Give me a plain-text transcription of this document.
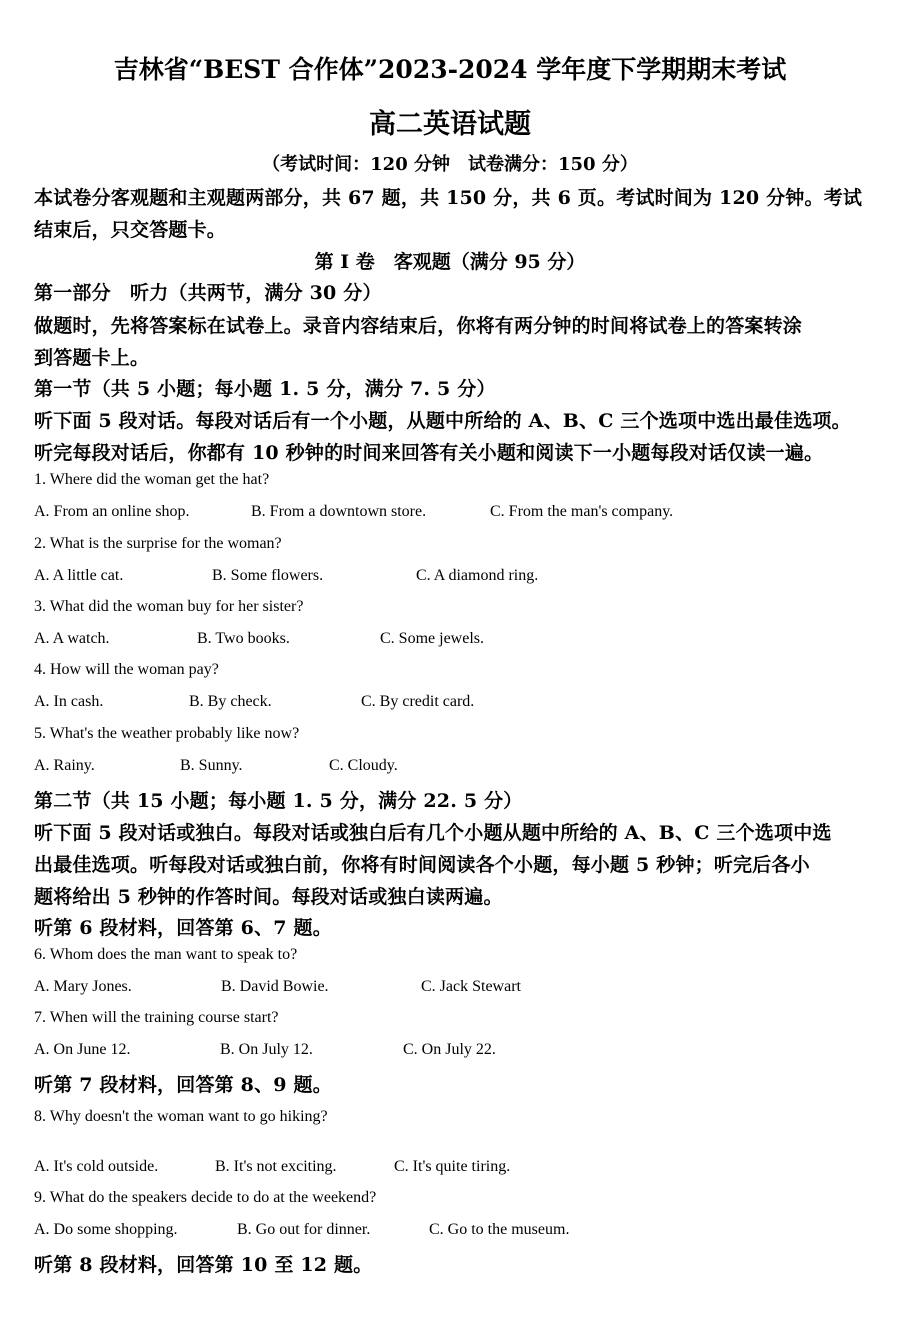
吉林省“BEST 合作体”2023-2024 学年度下学期期末考试
高二英语试题
（考试时间：120 分钟　试卷满分：150 分）
本试卷分客观题和主观题两部分，共 67 题，共 150 分，共 6 页。考试时间为 120 分钟。考试
结束后，只交答题卡。
第 I 卷　客观题（满分 95 分）
第一部分　听力（共两节，满分 30 分）
做题时，先将答案标在试卷上。录音内容结束后，你将有两分钟的时间将试卷上的答案转涂
到答题卡上。
第一节（共 5 小题；每小题 1. 5 分，满分 7. 5 分）
听下面 5 段对话。每段对话后有一个小题，从题中所给的 A、B、C 三个选项中选出最佳选项。
听完每段对话后，你都有 10 秒钟的时间来回答有关小题和阅读下一小题每段对话仅读一遍。
1. Where did the woman get the hat?
A. From an online shop.	B. From a downtown store.	C. From the man's company.
2. What is the surprise for the woman?
A. A little cat.	B. Some flowers.	C. A diamond ring.
3. What did the woman buy for her sister?
A. A watch.	B. Two books.	C. Some jewels.
4. How will the woman pay?
A. In cash.	B. By check.	C. By credit card.
5. What's the weather probably like now?
A. Rainy.	B. Sunny.	C. Cloudy.
第二节（共 15 小题；每小题 1. 5 分，满分 22. 5 分）
听下面 5 段对话或独白。每段对话或独白后有几个小题从题中所给的 A、B、C 三个选项中选
出最佳选项。听每段对话或独白前，你将有时间阅读各个小题，每小题 5 秒钟；听完后各小
题将给出 5 秒钟的作答时间。每段对话或独白读两遍。
听第 6 段材料，回答第 6、7 题。
6. Whom does the man want to speak to?
A. Mary Jones.	B. David Bowie.	C. Jack Stewart
7. When will the training course start?
A. On June 12.	B. On July 12.	C. On July 22.
听第 7 段材料，回答第 8、9 题。
8. Why doesn't the woman want to go hiking?
A. It's cold outside.	B. It's not exciting.	C. It's quite tiring.
9. What do the speakers decide to do at the weekend?
A. Do some shopping.	B. Go out for dinner.	C. Go to the museum.
听第 8 段材料，回答第 10 至 12 题。
